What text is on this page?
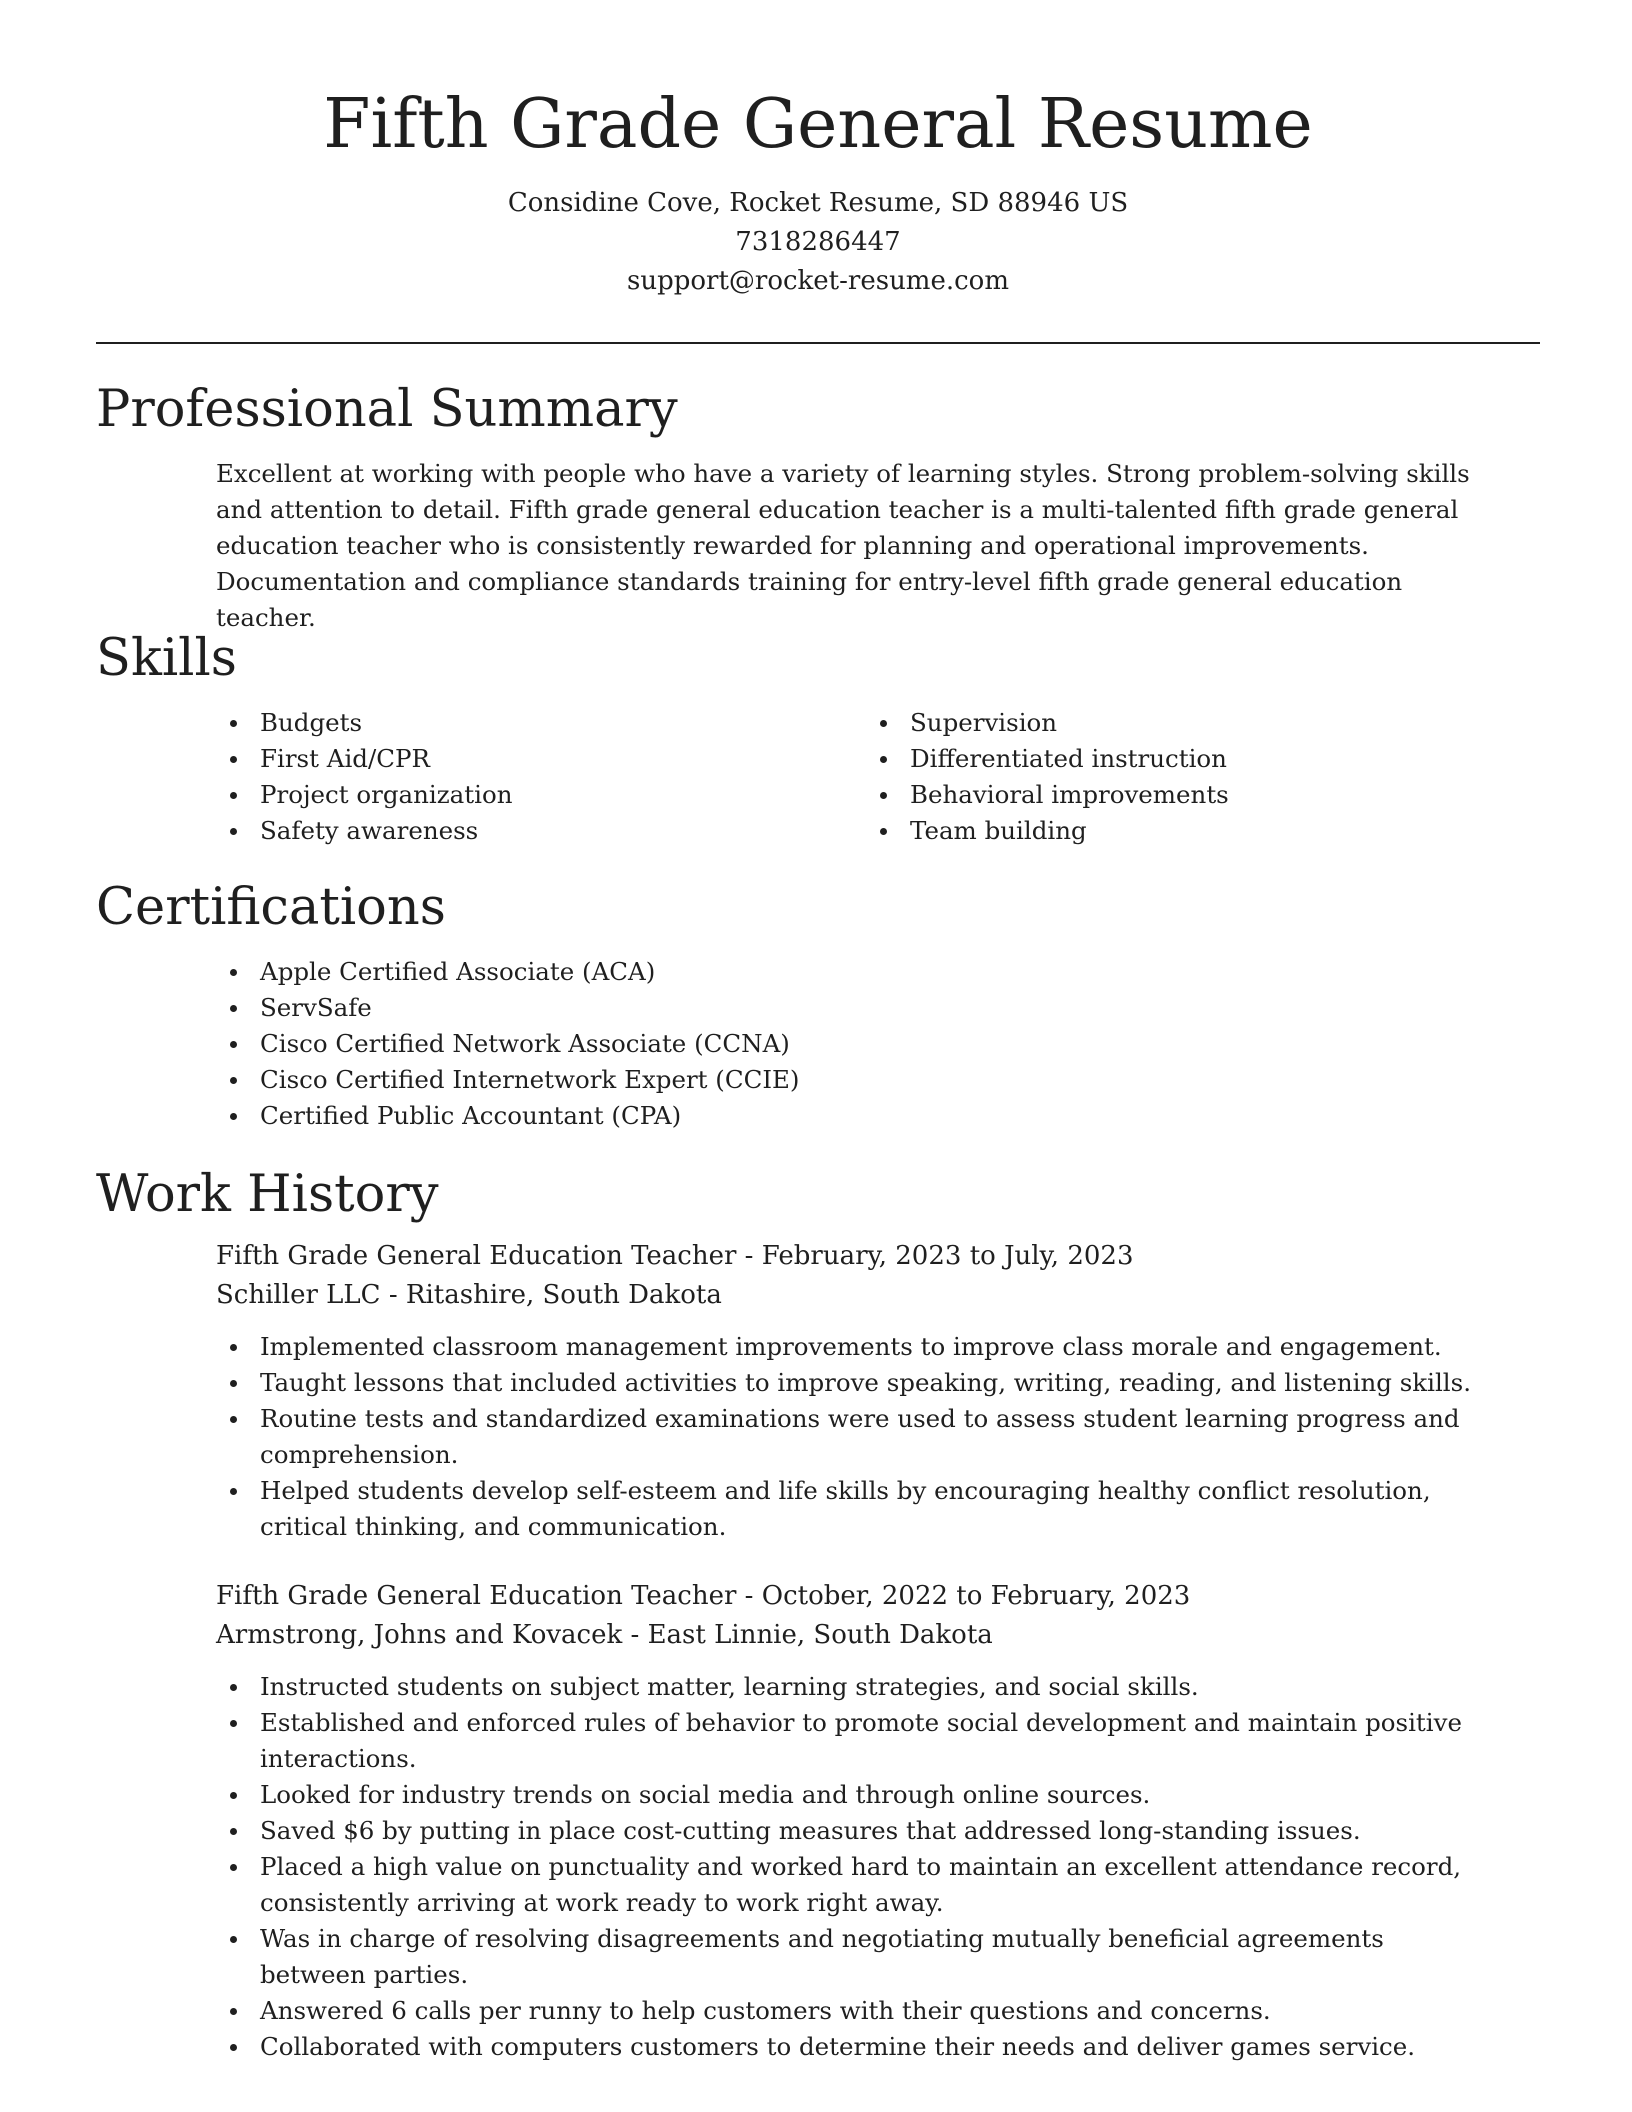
Fifth Grade General Resume

Considine Cove, Rocket Resume, SD 88946 US

7318286447

support@rocket-resume.com

Professional Summary

Excellent at working with people who have a variety of learning styles. Strong problem-solving skills and attention to detail. Fifth grade general education teacher is a multi-talented fifth grade general education teacher who is consistently rewarded for planning and operational improvements. Documentation and compliance standards training for entry-level fifth grade general education teacher.

Skills
Budgets
First Aid/CPR
Project organization
Safety awareness
Supervision
Differentiated instruction
Behavioral improvements
Team building
Certifications
Apple Certified Associate (ACA)
ServSafe
Cisco Certified Network Associate (CCNA)
Cisco Certified Internetwork Expert (CCIE)
Certified Public Accountant (CPA)
Work History

Fifth Grade General Education Teacher - February, 2023 to July, 2023

Schiller LLC - Ritashire, South Dakota

Implemented classroom management improvements to improve class morale and engagement.
Taught lessons that included activities to improve speaking, writing, reading, and listening skills.
Routine tests and standardized examinations were used to assess student learning progress and comprehension.
Helped students develop self-esteem and life skills by encouraging healthy conflict resolution, critical thinking, and communication.

Fifth Grade General Education Teacher - October, 2022 to February, 2023

Armstrong, Johns and Kovacek - East Linnie, South Dakota

Instructed students on subject matter, learning strategies, and social skills.
Established and enforced rules of behavior to promote social development and maintain positive interactions.
Looked for industry trends on social media and through online sources.
Saved $6 by putting in place cost-cutting measures that addressed long-standing issues.
Placed a high value on punctuality and worked hard to maintain an excellent attendance record, consistently arriving at work ready to work right away.
Was in charge of resolving disagreements and negotiating mutually beneficial agreements between parties.
Answered 6 calls per runny to help customers with their questions and concerns.
Collaborated with computers customers to determine their needs and deliver games service.
